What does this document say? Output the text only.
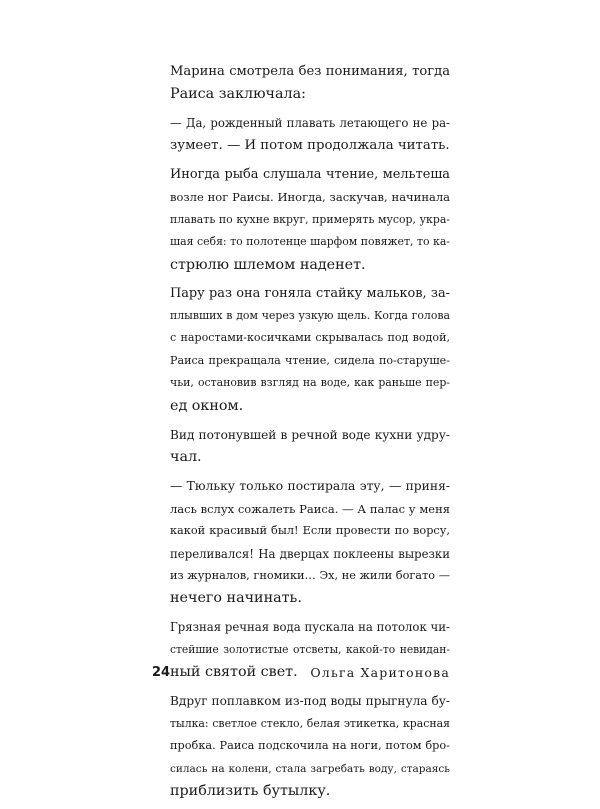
Марина смотрела без понимания, тогда
Раиса заключала:

— Да, рожденный плавать летающего не ра-
зумеет. — И потом продолжала читать.

Иногда рыба слушала чтение, мельтеша
возле ног Раисы. Иногда, заскучав, начинала
плавать по кухне вкруг, примерять мусор, укра-
шая себя: то полотенце шарфом повяжет, то ка-
стрюлю шлемом наденет.

Пару раз она гоняла стайку мальков, за-
плывших в дом через узкую щель. Когда голова
с наростами-косичками скрывалась под водой,
Раиса прекращала чтение, сидела по-старуше-
чьи, остановив взгляд на воде, как раньше пер-
ед окном.

Вид потонувшей в речной воде кухни удру-
чал.

— Тюльку только постирала эту, — приня-
лась вслух сожалеть Раиса. — А палас у меня
какой красивый был! Если провести по ворсу,
переливался! На дверцах поклеены вырезки
из журналов, гномики… Эх, не жили богато —
нечего начинать.

Грязная речная вода пускала на потолок чи-
стейшие золотистые отсветы, какой-то невидан-
ный святой свет.

Вдруг поплавком из-под воды прыгнула бу-
тылка: светлое стекло, белая этикетка, красная
пробка. Раиса подскочила на ноги, потом бро-
силась на колени, стала загребать воду, стараясь
приблизить бутылку.

24	Ольга Харитонова
